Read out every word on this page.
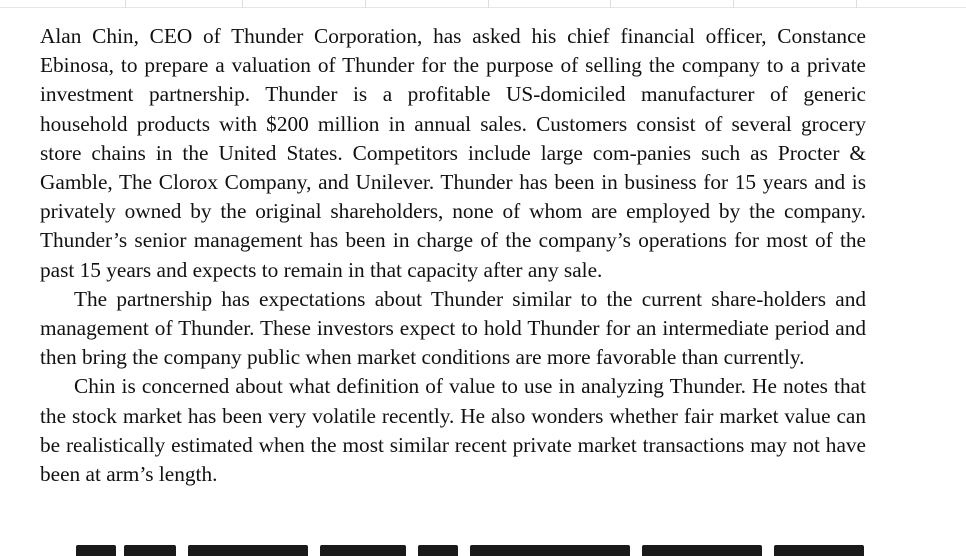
Alan Chin, CEO of Thunder Corporation, has asked his chief financial officer, Constance Ebinosa, to prepare a valuation of Thunder for the purpose of selling the company to a private investment partnership. Thunder is a profitable US-domiciled manufacturer of generic household products with $200 million in annual sales. Customers consist of several grocery store chains in the United States. Competitors include large com-panies such as Procter & Gamble, The Clorox Company, and Unilever. Thunder has been in business for 15 years and is privately owned by the original shareholders, none of whom are employed by the company. Thunder’s senior management has been in charge of the company’s operations for most of the past 15 years and expects to remain in that capacity after any sale.

The partnership has expectations about Thunder similar to the current share-holders and management of Thunder. These investors expect to hold Thunder for an intermediate period and then bring the company public when market conditions are more favorable than currently.

Chin is concerned about what definition of value to use in analyzing Thunder. He notes that the stock market has been very volatile recently. He also wonders whether fair market value can be realistically estimated when the most similar recent private market transactions may not have been at arm’s length.
